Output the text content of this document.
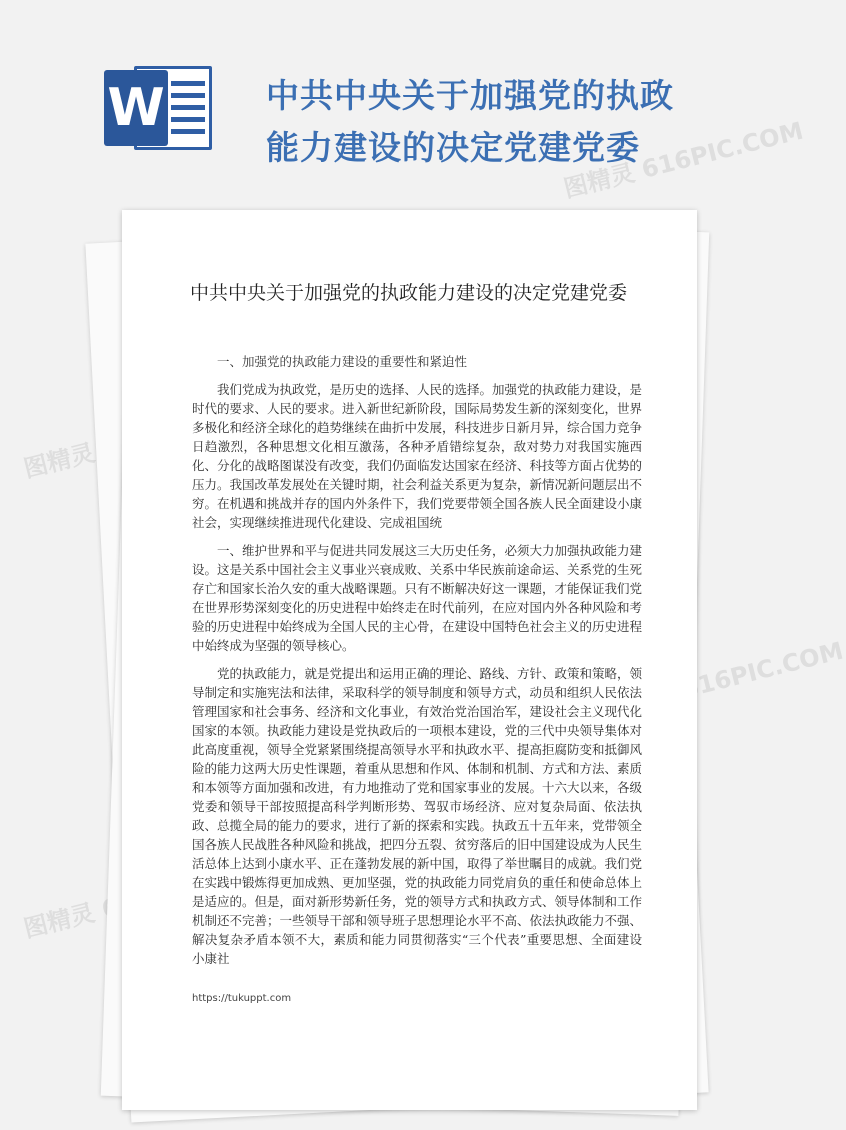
W	中共中央关于加强党的执政能力建设的决定党建党委
图精灵 616PIC.COM
图精灵
图精灵 616PIC.COM
图精灵
中共中央关于加强党的执政能力建设的决定党建党委

一、加强党的执政能力建设的重要性和紧迫性

我们党成为执政党，是历史的选择、人民的选择。加强党的执政能力建设，是时代的要求、人民的要求。进入新世纪新阶段，国际局势发生新的深刻变化，世界多极化和经济全球化的趋势继续在曲折中发展，科技进步日新月异，综合国力竞争日趋激烈，各种思想文化相互激荡，各种矛盾错综复杂，敌对势力对我国实施西化、分化的战略图谋没有改变，我们仍面临发达国家在经济、科技等方面占优势的压力。我国改革发展处在关键时期，社会利益关系更为复杂，新情况新问题层出不穷。在机遇和挑战并存的国内外条件下，我们党要带领全国各族人民全面建设小康社会，实现继续推进现代化建设、完成祖国统

一、维护世界和平与促进共同发展这三大历史任务，必须大力加强执政能力建设。这是关系中国社会主义事业兴衰成败、关系中华民族前途命运、关系党的生死存亡和国家长治久安的重大战略课题。只有不断解决好这一课题，才能保证我们党在世界形势深刻变化的历史进程中始终走在时代前列，在应对国内外各种风险和考验的历史进程中始终成为全国人民的主心骨，在建设中国特色社会主义的历史进程中始终成为坚强的领导核心。

党的执政能力，就是党提出和运用正确的理论、路线、方针、政策和策略，领导制定和实施宪法和法律，采取科学的领导制度和领导方式，动员和组织人民依法管理国家和社会事务、经济和文化事业，有效治党治国治军，建设社会主义现代化国家的本领。执政能力建设是党执政后的一项根本建设，党的三代中央领导集体对此高度重视，领导全党紧紧围绕提高领导水平和执政水平、提高拒腐防变和抵御风险的能力这两大历史性课题，着重从思想和作风、体制和机制、方式和方法、素质和本领等方面加强和改进，有力地推动了党和国家事业的发展。十六大以来，各级党委和领导干部按照提高科学判断形势、驾驭市场经济、应对复杂局面、依法执政、总揽全局的能力的要求，进行了新的探索和实践。执政五十五年来，党带领全国各族人民战胜各种风险和挑战，把四分五裂、贫穷落后的旧中国建设成为人民生活总体上达到小康水平、正在蓬勃发展的新中国，取得了举世瞩目的成就。我们党在实践中锻炼得更加成熟、更加坚强，党的执政能力同党肩负的重任和使命总体上是适应的。但是，面对新形势新任务，党的领导方式和执政方式、领导体制和工作机制还不完善；一些领导干部和领导班子思想理论水平不高、依法执政能力不强、解决复杂矛盾本领不大，素质和能力同贯彻落实“三个代表”重要思想、全面建设小康社

https://tukuppt.com
